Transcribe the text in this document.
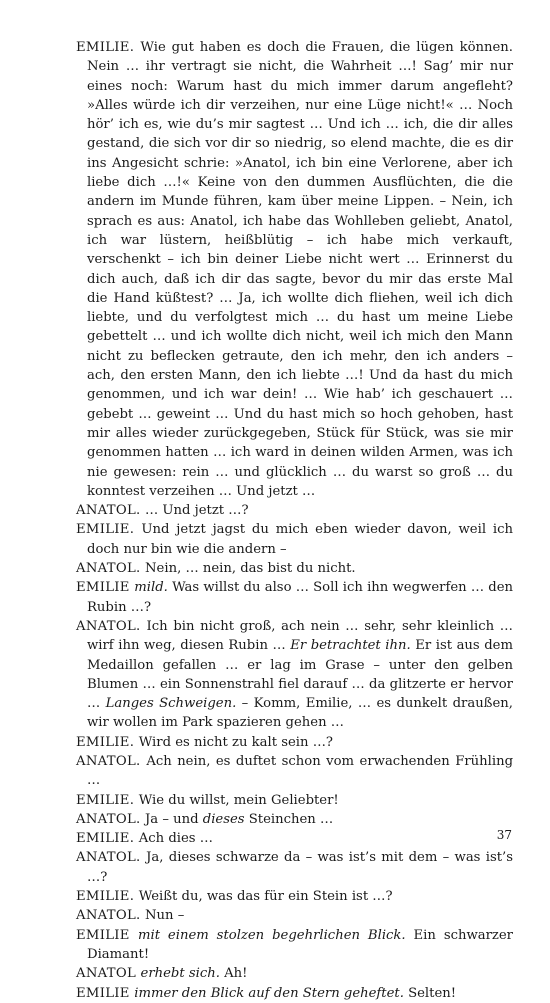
EMILIE. Wie gut haben es doch die Frauen, die lügen können. Nein … ihr vertragt sie nicht, die Wahrheit …! Sag’ mir nur eines noch: Warum hast du mich immer darum angefleht? »Alles würde ich dir verzeihen, nur eine Lüge nicht!« … Noch hör’ ich es, wie du’s mir sagtest … Und ich … ich, die dir alles gestand, die sich vor dir so niedrig, so elend machte, die es dir ins Angesicht schrie: »Anatol, ich bin eine Verlorene, aber ich liebe dich …!« Keine von den dummen Ausflüchten, die die andern im Munde führen, kam über meine Lippen. – Nein, ich sprach es aus: Anatol, ich habe das Wohlleben geliebt, Anatol, ich war lüstern, heißblütig – ich habe mich verkauft, verschenkt – ich bin deiner Liebe nicht wert … Erinnerst du dich auch, daß ich dir das sagte, bevor du mir das erste Mal die Hand küßtest? … Ja, ich wollte dich fliehen, weil ich dich liebte, und du verfolgtest mich … du hast um meine Liebe gebettelt … und ich wollte dich nicht, weil ich mich den Mann nicht zu beflecken getraute, den ich mehr, den ich anders – ach, den ersten Mann, den ich liebte …! Und da hast du mich genommen, und ich war dein! … Wie hab’ ich geschauert … gebebt … geweint … Und du hast mich so hoch gehoben, hast mir alles wieder zurückgegeben, Stück für Stück, was sie mir genommen hatten … ich ward in deinen wilden Armen, was ich nie gewesen: rein … und glücklich … du warst so groß … du konntest verzeihen … Und jetzt …

ANATOL. … Und jetzt …?

EMILIE. Und jetzt jagst du mich eben wieder davon, weil ich doch nur bin wie die andern –

ANATOL. Nein, … nein, das bist du nicht.

EMILIE mild. Was willst du also … Soll ich ihn wegwerfen … den Rubin …?

ANATOL. Ich bin nicht groß, ach nein … sehr, sehr kleinlich … wirf ihn weg, diesen Rubin … Er betrachtet ihn. Er ist aus dem Medaillon gefallen … er lag im Grase – unter den gelben Blumen … ein Sonnenstrahl fiel darauf … da glitzerte er hervor … Langes Schweigen. – Komm, Emilie, … es dunkelt draußen, wir wollen im Park spazieren gehen …

EMILIE. Wird es nicht zu kalt sein …?

ANATOL. Ach nein, es duftet schon vom erwachenden Frühling …

EMILIE. Wie du willst, mein Geliebter!

ANATOL. Ja – und dieses Steinchen …

EMILIE. Ach dies …

ANATOL. Ja, dieses schwarze da – was ist’s mit dem – was ist’s …?

EMILIE. Weißt du, was das für ein Stein ist …?

ANATOL. Nun –

EMILIE mit einem stolzen begehrlichen Blick. Ein schwarzer Diamant!

ANATOL erhebt sich. Ah!

EMILIE immer den Blick auf den Stern geheftet. Selten!

37
